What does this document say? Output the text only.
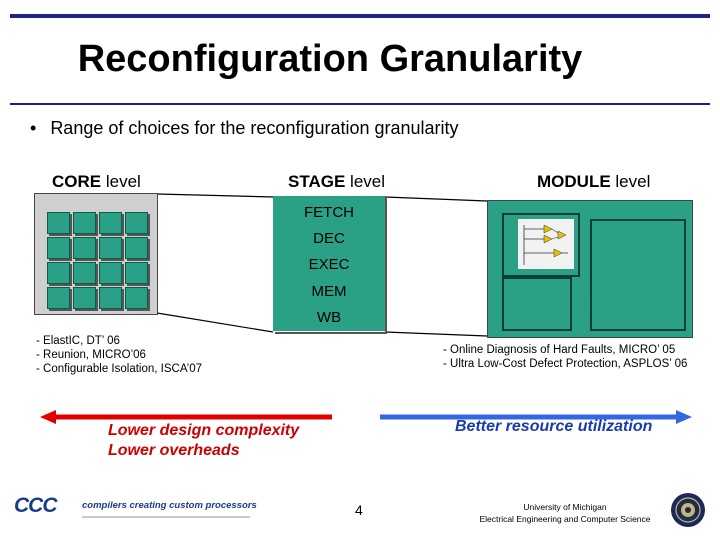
Reconfiguration Granularity
• Range of choices for the reconfiguration granularity
CORE level	STAGE level	MODULE level
FETCH
DEC
EXEC
MEM
WB
- ElastIC, DT’ 06
- Reunion, MICRO’06
- Configurable Isolation, ISCA’07
- Online Diagnosis of Hard Faults, MICRO’ 05
- Ultra Low-Cost Defect Protection, ASPLOS’ 06
Lower design complexity
Lower overheads
Better resource utilization
CCC	compilers creating custom processors	4	University of Michigan
Electrical Engineering and Computer Science
